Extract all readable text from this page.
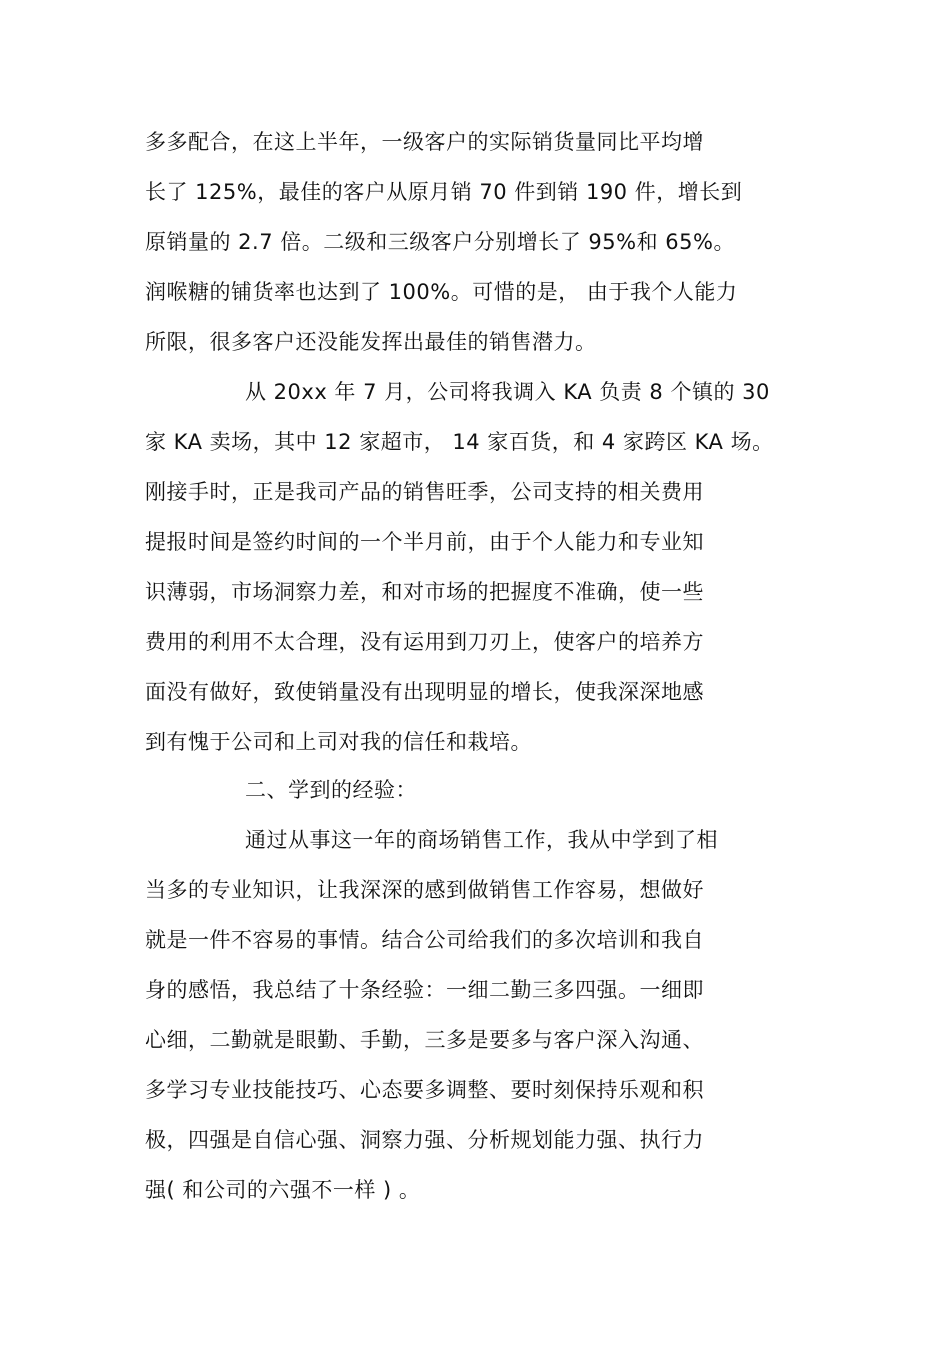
多多配合，在这上半年，一级客户的实际销货量同比平均增
长了 125%，最佳的客户从原月销 70 件到销 190 件，增长到
原销量的 2.7 倍。二级和三级客户分别增长了 95%和 65%。
润喉糖的铺货率也达到了 100%。可惜的是， 由于我个人能力
所限，很多客户还没能发挥出最佳的销售潜力。
从 20xx 年 7 月，公司将我调入 KA 负责 8 个镇的 30
家 KA 卖场，其中 12 家超市， 14 家百货，和 4 家跨区 KA 场。
刚接手时，正是我司产品的销售旺季，公司支持的相关费用
提报时间是签约时间的一个半月前，由于个人能力和专业知
识薄弱，市场洞察力差，和对市场的把握度不准确，使一些
费用的利用不太合理，没有运用到刀刃上，使客户的培养方
面没有做好，致使销量没有出现明显的增长，使我深深地感
到有愧于公司和上司对我的信任和栽培。
二、学到的经验：
通过从事这一年的商场销售工作，我从中学到了相
当多的专业知识，让我深深的感到做销售工作容易，想做好
就是一件不容易的事情。结合公司给我们的多次培训和我自
身的感悟，我总结了十条经验：一细二勤三多四强。一细即
心细，二勤就是眼勤、手勤，三多是要多与客户深入沟通、
多学习专业技能技巧、心态要多调整、要时刻保持乐观和积
极，四强是自信心强、洞察力强、分析规划能力强、执行力
强( 和公司的六强不一样 ) 。
